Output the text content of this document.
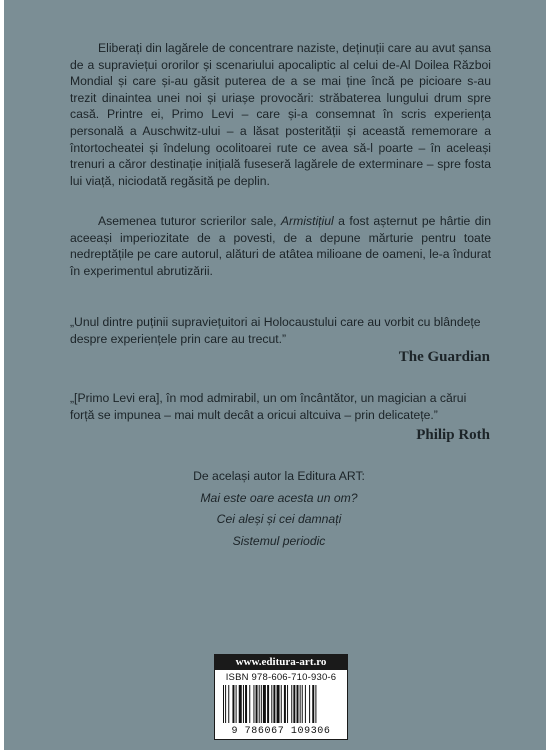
Eliberați din lagărele de concentrare naziste, deținuții care au avut șansa de a supraviețui ororilor și scenariului apocaliptic al celui de-Al Doilea Război Mondial și care și-au găsit puterea de a se mai ține încă pe picioare s-au trezit dinaintea unei noi și uriașe provocări: străbaterea lungului drum spre casă. Printre ei, Primo Levi – care și-a consemnat în scris experiența personală a Auschwitz-ului – a lăsat posterității și această rememorare a întortocheatei și îndelung ocolitoarei rute ce avea să-l poarte – în aceleași trenuri a căror destinație inițială fuseseră lagărele de exterminare – spre fosta lui viață, niciodată regăsită pe deplin.

Asemenea tuturor scrierilor sale, Armistițiul a fost așternut pe hârtie din aceeași imperiozitate de a povesti, de a depune mărturie pentru toate nedreptățile pe care autorul, alături de atâtea milioane de oameni, le-a îndurat în experimentul abrutizării.

„Unul dintre puținii supraviețuitori ai Holocaustului care au vorbit cu blândețe despre experiențele prin care au trecut.”

The Guardian

„[Primo Levi era], în mod admirabil, un om încântător, un magician a cărui forță se impunea – mai mult decât a oricui altcuiva – prin delicatețe.”

Philip Roth
De același autor la Editura ART:
Mai este oare acesta un om?
Cei aleși și cei damnați
Sistemul periodic
www.editura-art.ro
ISBN 978-606-710-930-6
9 786067 109306
